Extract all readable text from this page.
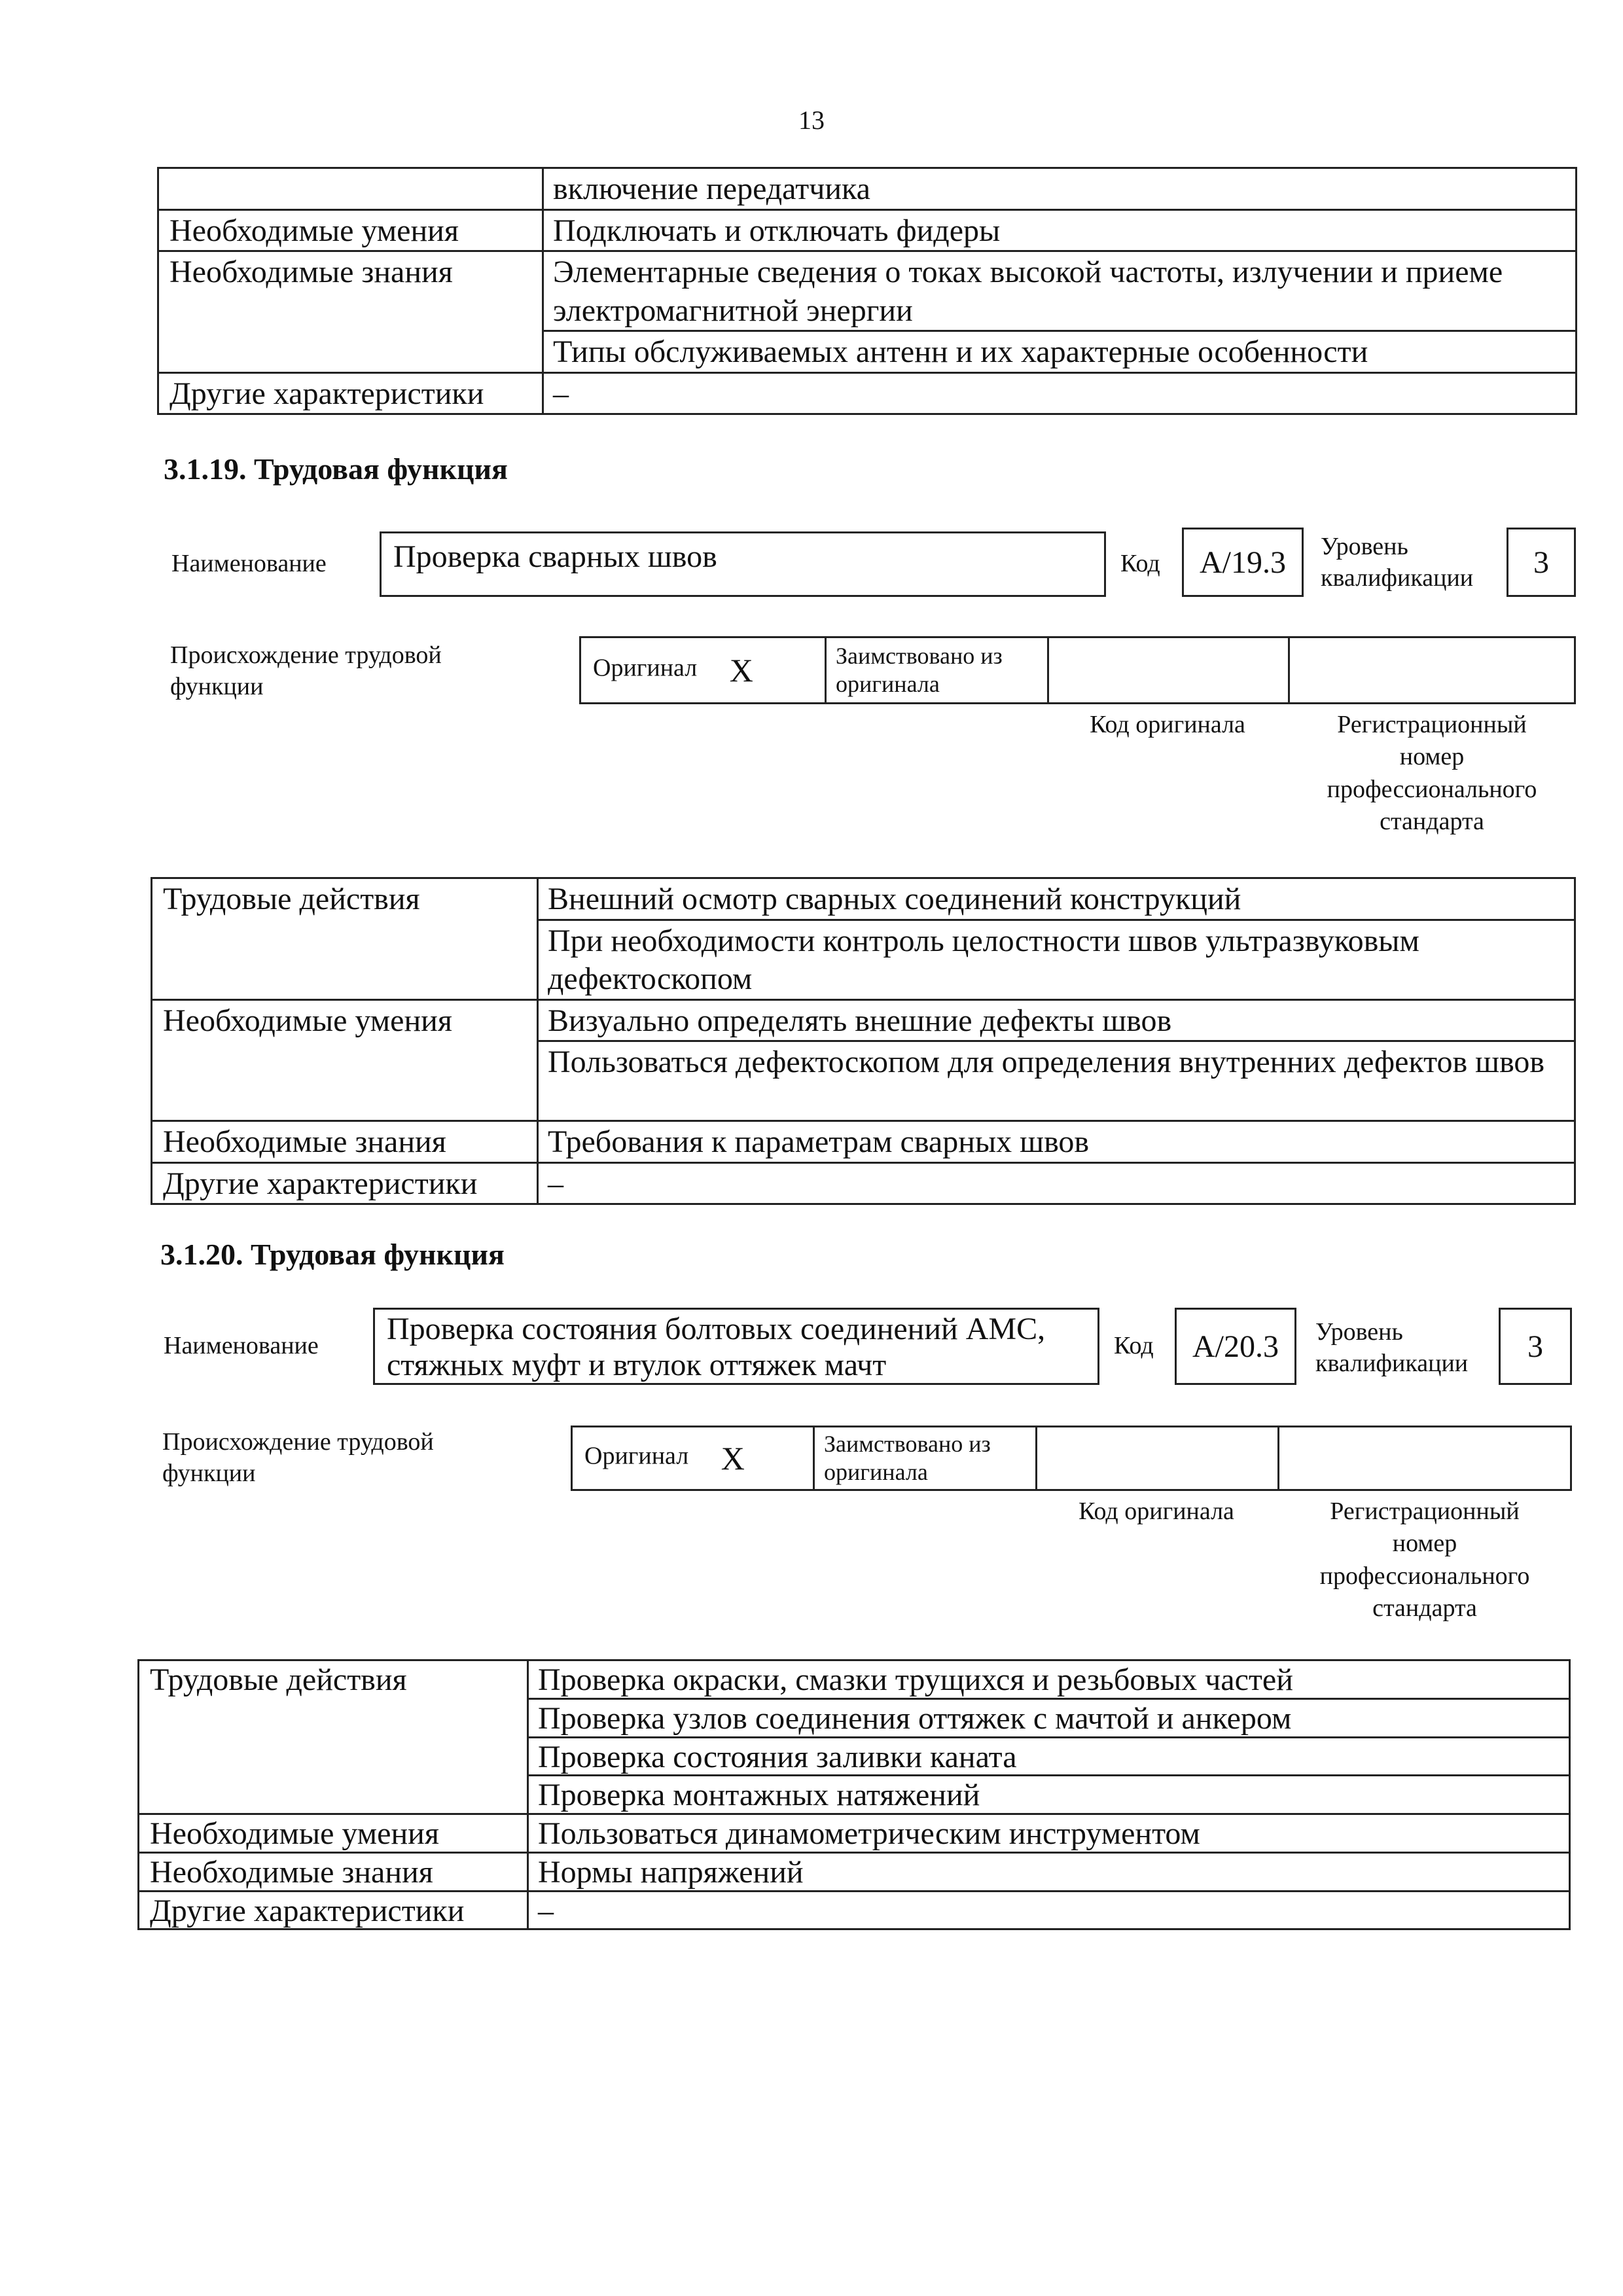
13
	включение передатчика
Необходимые умения	Подключать и отключать фидеры
Необходимые знания	Элементарные сведения о токах высокой частоты, излучении и приеме электромагнитной энергии
	Типы обслуживаемых антенн и их характерные особенности
Другие характеристики	–
3.1.19. Трудовая функция
Наименование	Проверка сварных швов	Код A/19.3 Уровень
квалификации 3
Происхождение трудовой
функции
Оригинал X	Заимствовано из
оригинала

Код оригинала	Регистрационный
номер
профессионального
стандарта
Трудовые действия	Внешний осмотр сварных соединений конструкций
	При необходимости контроль целостности швов ультразвуковым дефектоскопом
Необходимые умения	Визуально определять внешние дефекты швов
	Пользоваться дефектоскопом для определения внутренних дефектов швов
Необходимые знания	Требования к параметрам сварных швов
Другие характеристики	–
3.1.20. Трудовая функция
Наименование Проверка состояния болтовых соединений АМС,
стяжных муфт и втулок оттяжек мачт
Код A/20.3 Уровень
квалификации 3
Происхождение трудовой
функции
Оригинал X	Заимствовано из
оригинала

Код оригинала	Регистрационный
номер
профессионального
стандарта
Трудовые действия	Проверка окраски, смазки трущихся и резьбовых частей
	Проверка узлов соединения оттяжек с мачтой и анкером
	Проверка состояния заливки каната
	Проверка монтажных натяжений
Необходимые умения	Пользоваться динамометрическим инструментом
Необходимые знания	Нормы напряжений
Другие характеристики	–
